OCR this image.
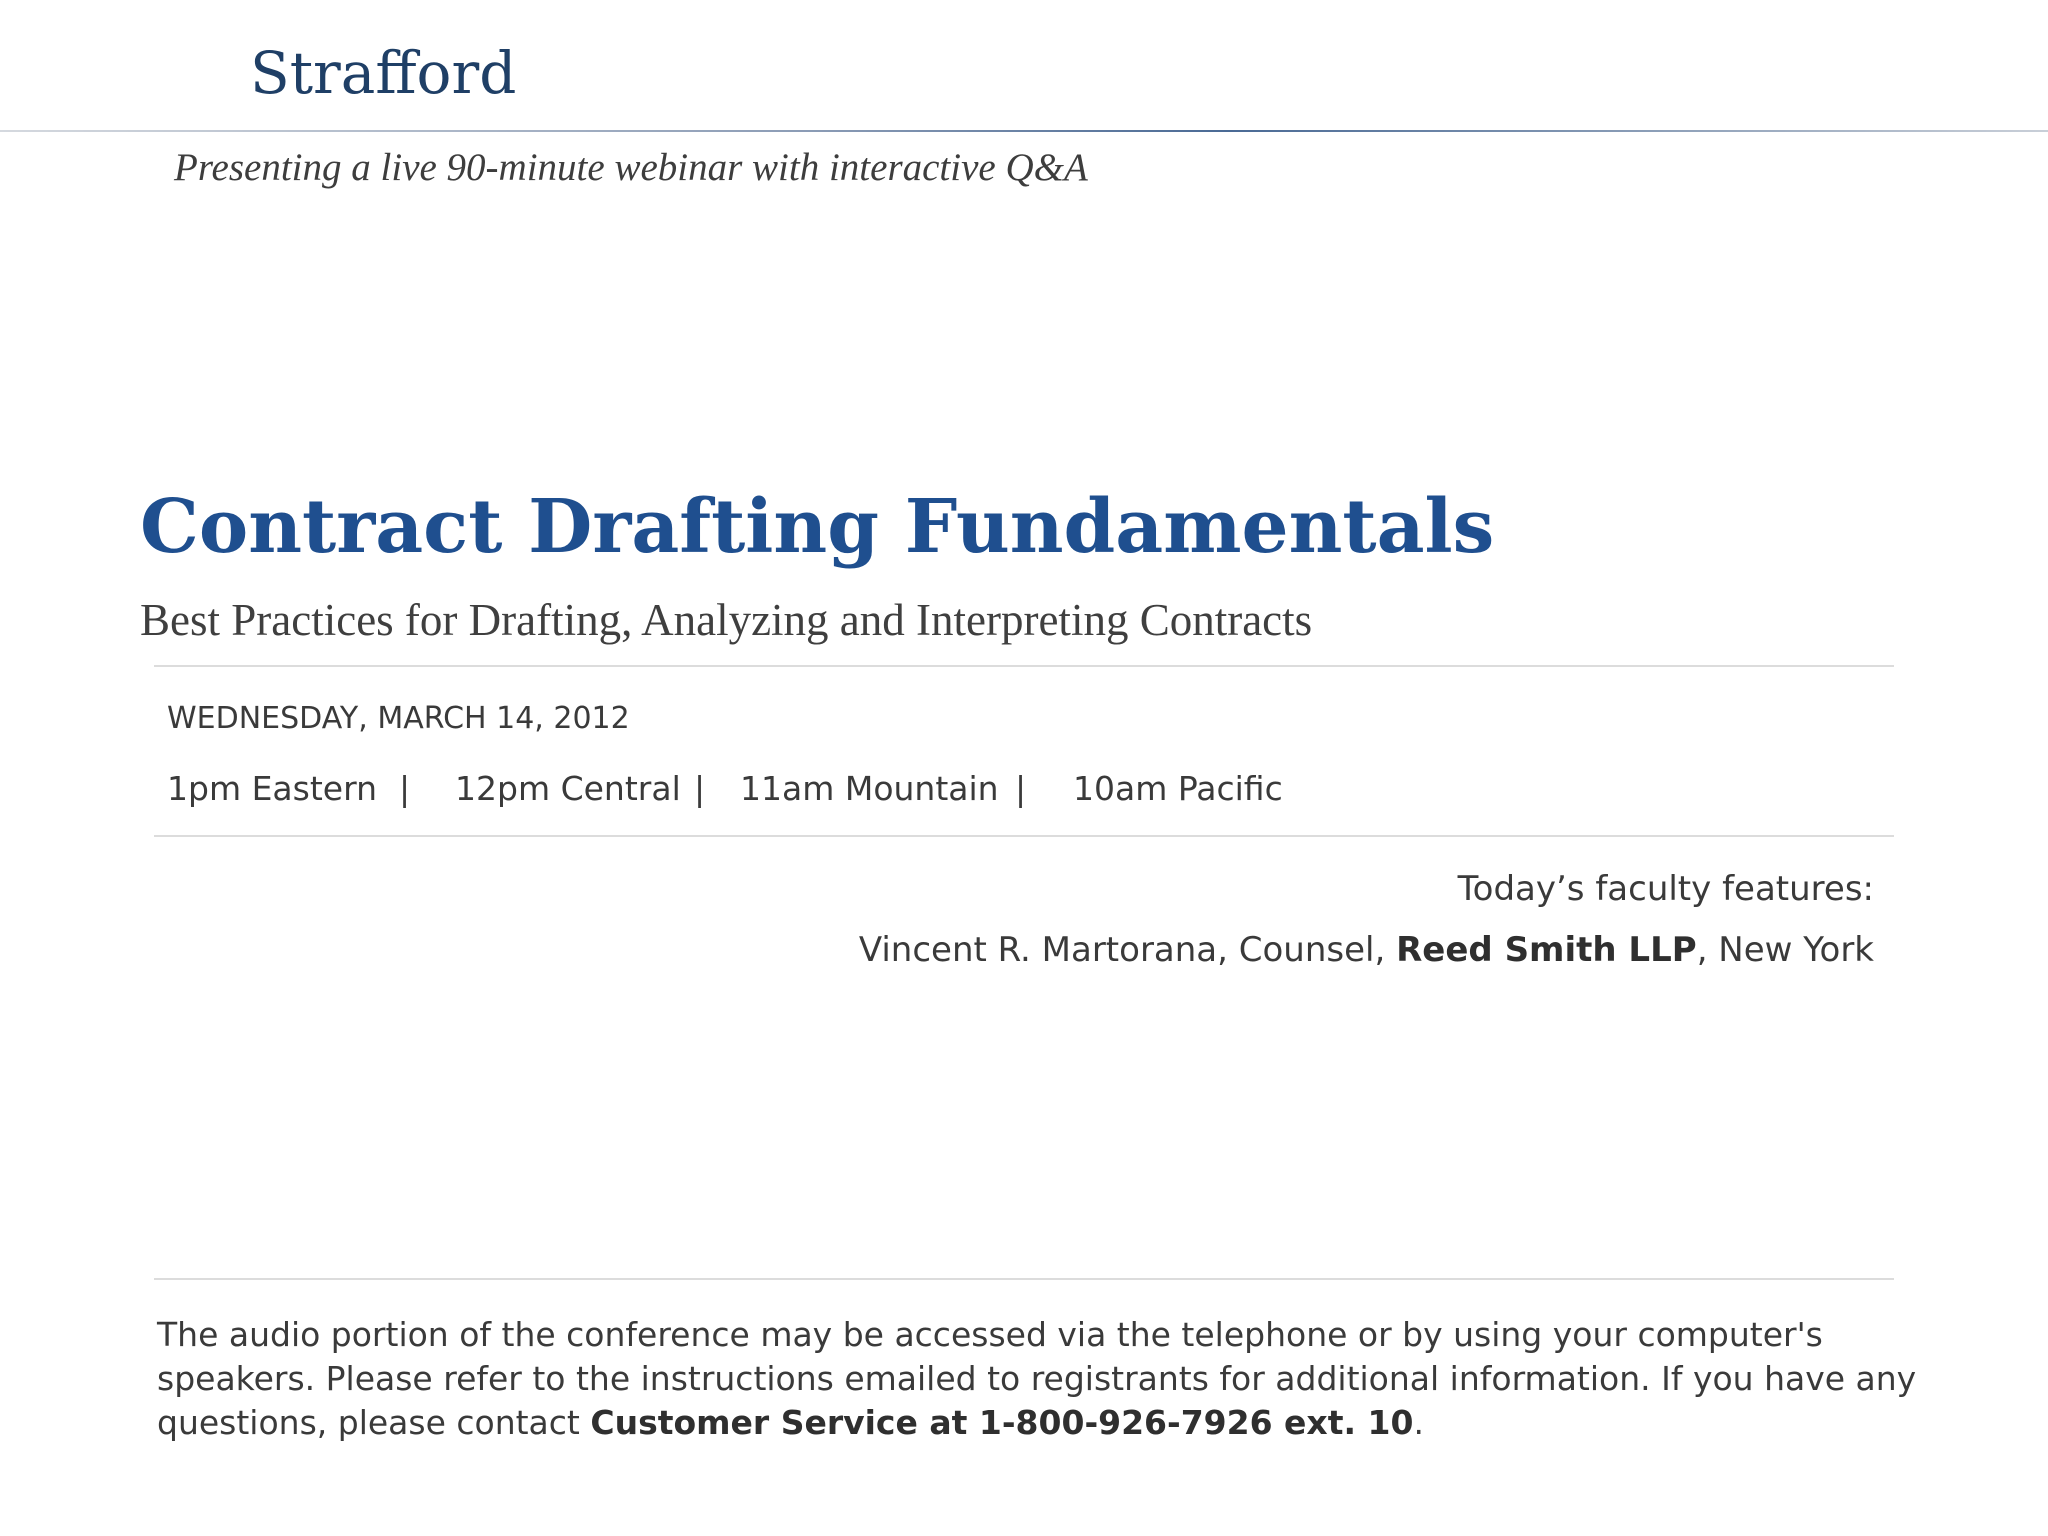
Strafford
Presenting a live 90-minute webinar with interactive Q&A
Contract Drafting Fundamentals
Best Practices for Drafting, Analyzing and Interpreting Contracts
WEDNESDAY, MARCH 14, 2012
1pm Eastern | 12pm Central | 11am Mountain | 10am Pacific
Today’s faculty features:
Vincent R. Martorana, Counsel, Reed Smith LLP, New York
The audio portion of the conference may be accessed via the telephone or by using your computer's speakers. Please refer to the instructions emailed to registrants for additional information. If you have any questions, please contact Customer Service at 1-800-926-7926 ext. 10.
